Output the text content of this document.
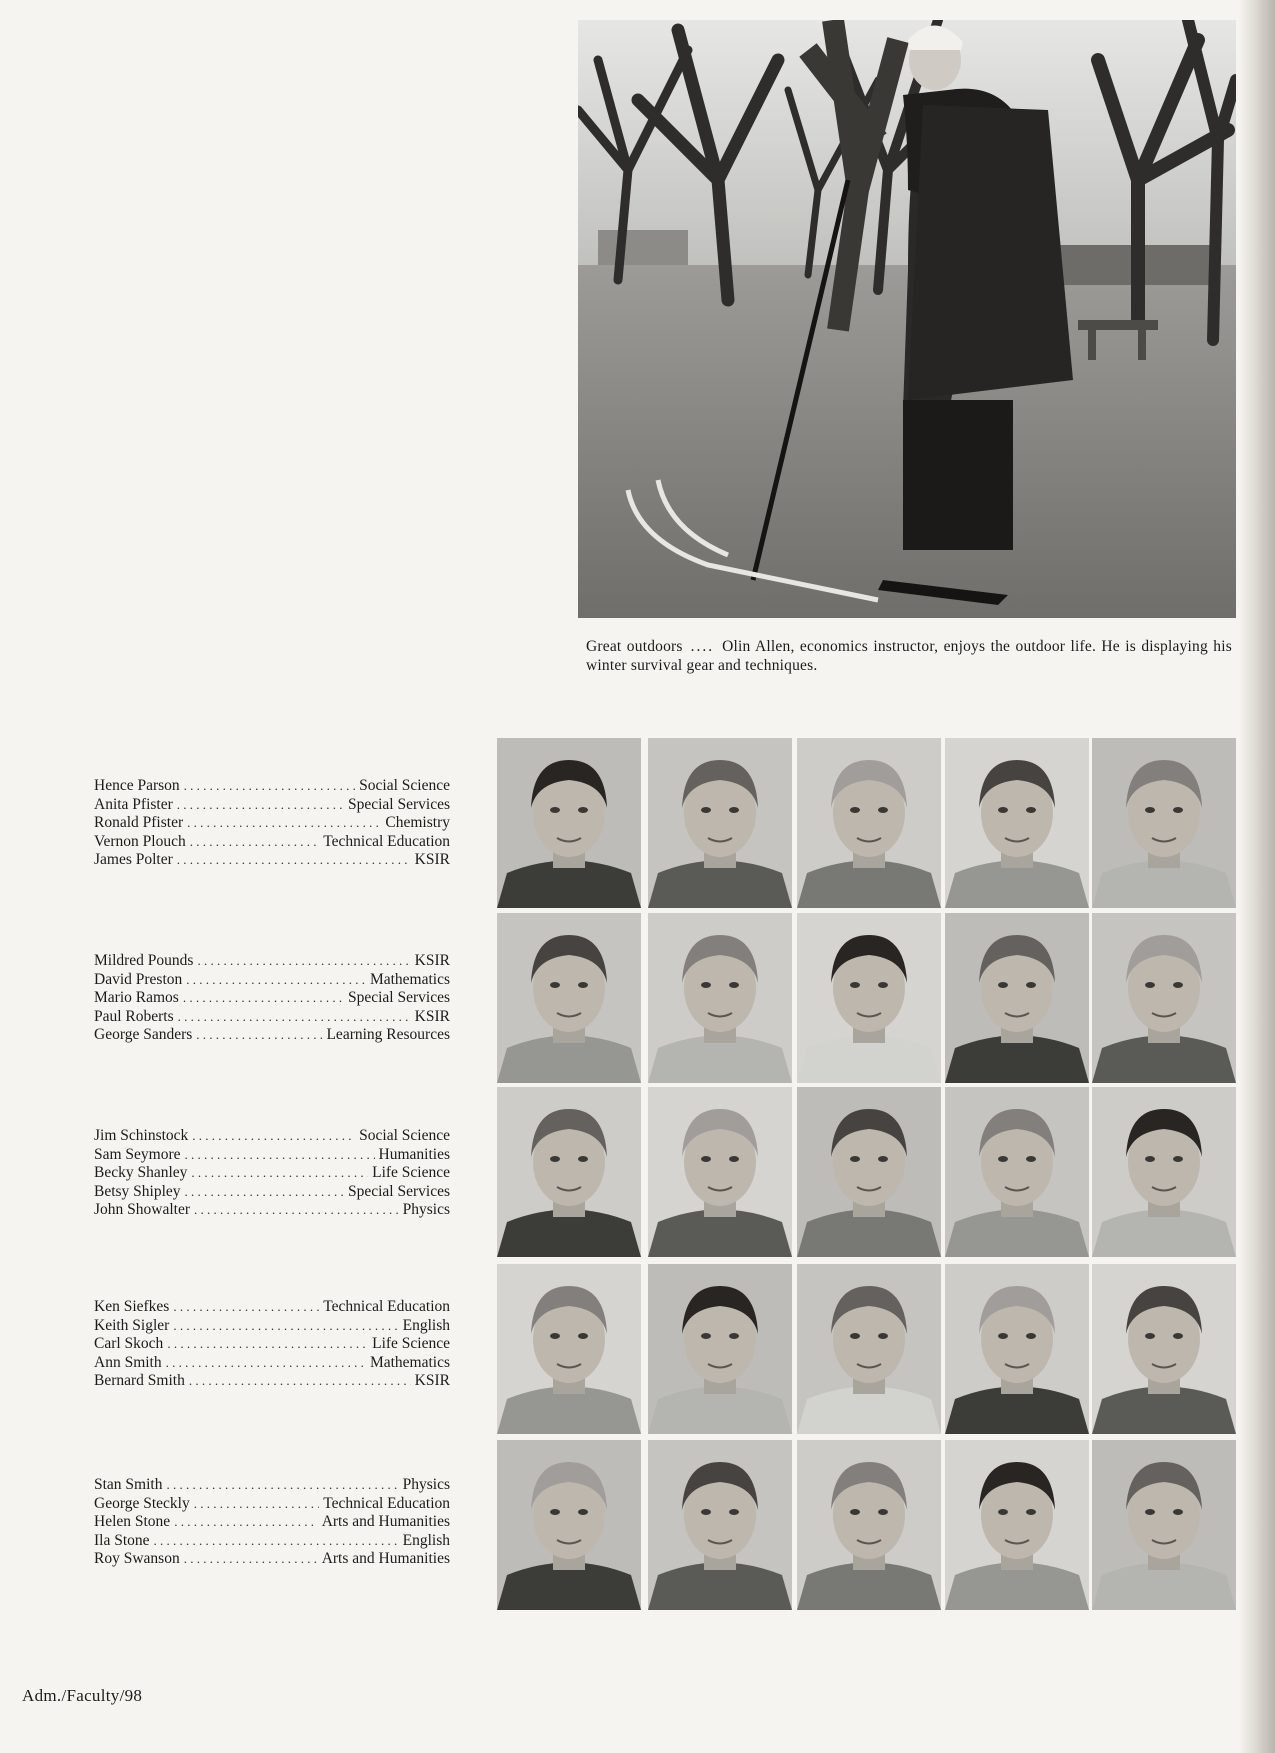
Great outdoors .... Olin Allen, economics instructor, enjoys the outdoor life. He is displaying his winter survival gear and techniques.
Hence Parson . . .	Social Science
Anita Pfister . . .	Special Services
Ronald Pfister . . .	Chemistry
Vernon Plouch . . .	Technical Education
James Polter . . .	KSIR
Mildred Pounds . . .	KSIR
David Preston . . .	Mathematics
Mario Ramos . . .	Special Services
Paul Roberts . . .	KSIR
George Sanders . . .	Learning Resources
Jim Schinstock . . .	Social Science
Sam Seymore . . .	Humanities
Becky Shanley . . .	Life Science
Betsy Shipley . . .	Special Services
John Showalter . . .	Physics
Ken Siefkes . . .	Technical Education
Keith Sigler . . .	English
Carl Skoch . . .	Life Science
Ann Smith . . .	Mathematics
Bernard Smith . . .	KSIR
Stan Smith . . .	Physics
George Steckly . . .	Technical Education
Helen Stone . . .	Arts and Humanities
Ila Stone . . .	English
Roy Swanson . . .	Arts and Humanities
Adm./Faculty/98
